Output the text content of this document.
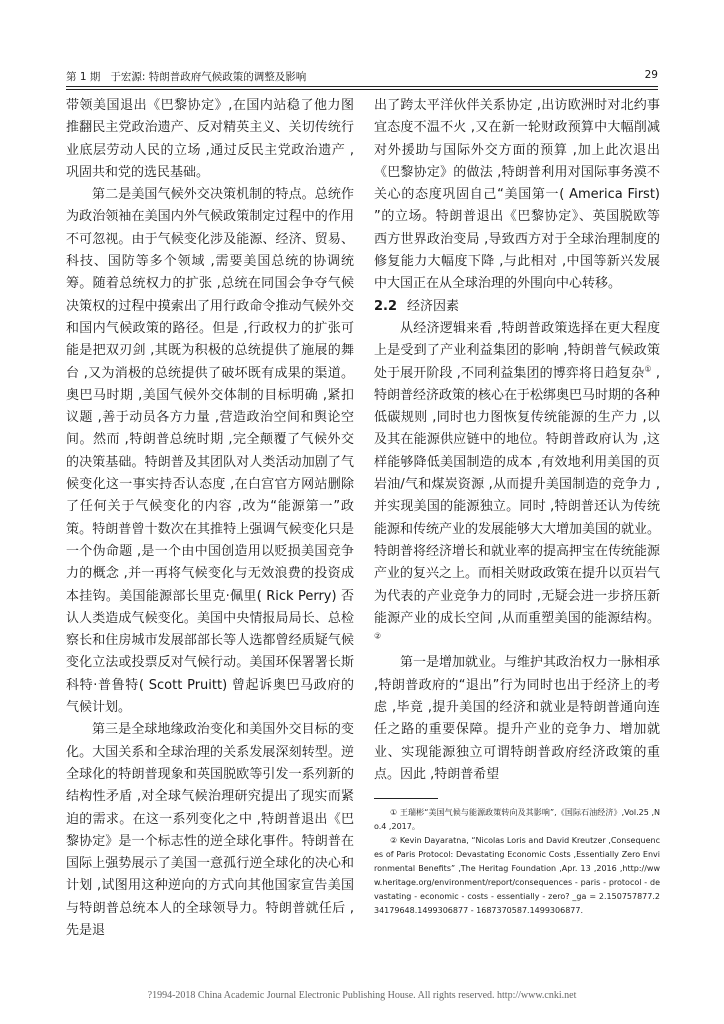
第 1 期 于宏源: 特朗普政府气候政策的调整及影响	29

带领美国退出《巴黎协定》,在国内站稳了他力图推翻民主党政治遗产、反对精英主义、关切传统行业底层劳动人民的立场 ,通过反民主党政治遗产 ,巩固共和党的选民基础。

第二是美国气候外交决策机制的特点。总统作为政治领袖在美国内外气候政策制定过程中的作用不可忽视。由于气候变化涉及能源、经济、贸易、科技、国防等多个领域 ,需要美国总统的协调统筹。随着总统权力的扩张 ,总统在同国会争夺气候决策权的过程中摸索出了用行政命令推动气候外交和国内气候政策的路径。但是 ,行政权力的扩张可能是把双刃剑 ,其既为积极的总统提供了施展的舞台 ,又为消极的总统提供了破坏既有成果的渠道。奥巴马时期 ,美国气候外交体制的目标明确 ,紧扣议题 ,善于动员各方力量 ,营造政治空间和舆论空间。然而 ,特朗普总统时期 ,完全颠覆了气候外交的决策基础。特朗普及其团队对人类活动加剧了气候变化这一事实持否认态度 ,在白宫官方网站删除了任何关于气候变化的内容 ,改为“能源第一”政策。特朗普曾十数次在其推特上强调气候变化只是一个伪命题 ,是一个由中国创造用以贬损美国竞争力的概念 ,并一再将气候变化与无效浪费的投资成本挂钩。美国能源部长里克·佩里( Rick Perry) 否认人类造成气候变化。美国中央情报局局长、总检察长和住房城市发展部部长等人选都曾经质疑气候变化立法或投票反对气候行动。美国环保署署长斯科特·普鲁特( Scott Pruitt) 曾起诉奥巴马政府的气候计划。

第三是全球地缘政治变化和美国外交目标的变化。大国关系和全球治理的关系发展深刻转型。逆全球化的特朗普现象和英国脱欧等引发一系列新的结构性矛盾 ,对全球气候治理研究提出了现实而紧迫的需求。在这一系列变化之中 ,特朗普退出《巴黎协定》是一个标志性的逆全球化事件。特朗普在国际上强势展示了美国一意孤行逆全球化的决心和计划 ,试图用这种逆向的方式向其他国家宣告美国与特朗普总统本人的全球领导力。特朗普就任后 ,先是退

出了跨太平洋伙伴关系协定 ,出访欧洲时对北约事宜态度不温不火 ,又在新一轮财政预算中大幅削减对外援助与国际外交方面的预算 ,加上此次退出《巴黎协定》的做法 ,特朗普利用对国际事务漠不关心的态度巩固自己“美国第一( America First) ”的立场。特朗普退出《巴黎协定》、英国脱欧等西方世界政治变局 ,导致西方对于全球治理制度的修复能力大幅度下降 ,与此相对 ,中国等新兴发展中大国正在从全球治理的外围向中心转移。

2.2 经济因素

从经济逻辑来看 ,特朗普政策选择在更大程度上是受到了产业利益集团的影响 ,特朗普气候政策处于展开阶段 ,不同利益集团的博弈将日趋复杂① ,特朗普经济政策的核心在于松绑奥巴马时期的各种低碳规则 ,同时也力图恢复传统能源的生产力 ,以及其在能源供应链中的地位。特朗普政府认为 ,这样能够降低美国制造的成本 ,有效地利用美国的页岩油/气和煤炭资源 ,从而提升美国制造的竞争力 ,并实现美国的能源独立。同时 ,特朗普还认为传统能源和传统产业的发展能够大大增加美国的就业。特朗普将经济增长和就业率的提高押宝在传统能源产业的复兴之上。而相关财政政策在提升以页岩气为代表的产业竞争力的同时 ,无疑会进一步挤压新能源产业的成长空间 ,从而重塑美国的能源结构。②

第一是增加就业。与维护其政治权力一脉相承 ,特朗普政府的“退出”行为同时也出于经济上的考虑 ,毕竟 ,提升美国的经济和就业是特朗普通向连任之路的重要保障。提升产业的竞争力、增加就业、实现能源独立可谓特朗普政府经济政策的重点。因此 ,特朗普希望

① 王瑞彬“美国气候与能源政策转向及其影响”,《国际石油经济》,Vol.25 ,No.4 ,2017。

② Kevin Dayaratna, “Nicolas Loris and David Kreutzer ,Consequences of Paris Protocol: Devastating Economic Costs ,Essentially Zero Environmental Benefits” ,The Heritag Foundation ,Apr. 13 ,2016 ,http://www.heritage.org/environment/report/consequences - paris - protocol - devastating - economic - costs - essentially - zero? _ga = 2.150757877.234179648.1499306877 - 1687370587.1499306877.

?1994-2018 China Academic Journal Electronic Publishing House. All rights reserved. http://www.cnki.net
